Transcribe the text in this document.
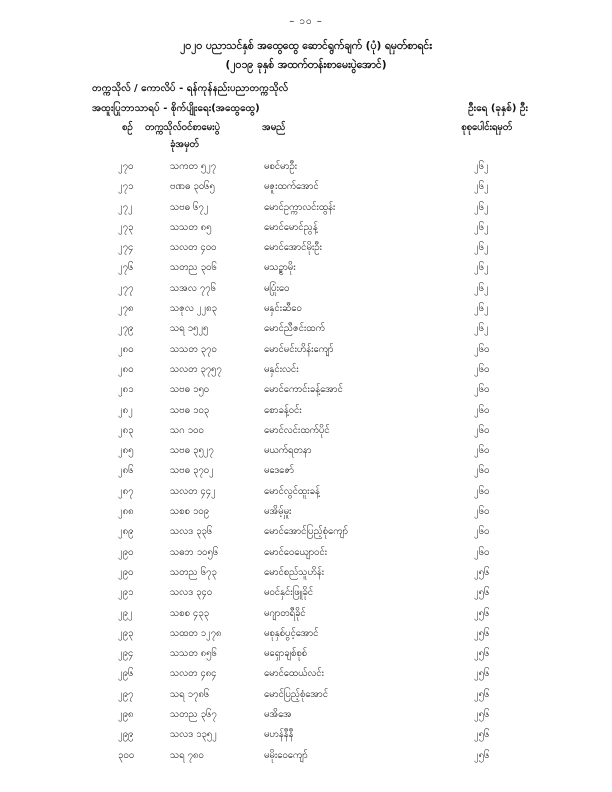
– ၁၀ –
၂၀၂၀ ပညာသင်နှစ် အထွေထွေ ဆောင်ရွက်ချက် (ပုံ) ရမှတ်စာရင်း
(၂၀၁၉ ခုနှစ် အထက်တန်းစာမေးပွဲအောင်)
တက္ကသိုလ် / ကောလိပ် - ရန်ကုန်နည်းပညာတက္ကသိုလ်
အထူးပြုဘာသာရပ် - စိုက်ပျိုးရေး(အထွေထွေ)	ဦးရေ (ခုနှစ်) ဦး
စဉ် တက္ကသိုလ်ဝင်စာမေးပွဲ
ခုံအမှတ်
အမည်	စုစုပေါင်းရမှတ်
၂၇၀	သကတ ၅၂၇	မစင်မာဦး	၂၆၂
၂၇၁	ဗဏဓ ၃၀၆၅	မဇူးထက်အောင်	၂၆၂
၂၇၂	သဗဓ ၆၇၂	မောင်ဥက္ကာလင်းထွန်း	၂၆၂
၂၇၃	သသတ ၈၅	မောင်မောင်ညွန့်	၂၆၂
၂၇၄	သလတ ၄၀၀	မောင်အောင်မိုးဦး	၂၆၂
၂၇၆	သတည ၃၀၆	မသဉ္စာမိုး	၂၆၂
၂၇၇	သအလ ၇၇၆	မပြုံးဝေ	၂၆၂
၂၇၈	သဇုလ ၂၂၈၃	မနှင်းဆီဝေ	၂၆၂
၂၇၉	သရ ၁၅၂၅	မောင်ညီဇင်းထက်	၂၆၂
၂၈၀	သသတ ၃၇၀	မောင်မင်းဟိန်းကျော်	၂၆၀
၂၈၀	သလတ ၃၇၅၇	မနှင်းလင်း	၂၆၀
၂၈၁	သဗဓ ၁၅၀	မောင်ကောင်းခန့်အောင်	၂၆၀
၂၈၂	သဗဓ ၁၀၃	စောခန့်ဝင်း	၂၆၀
၂၈၃	သဂ ၁၀၀	မောင်လင်းထက်ပိုင်	၂၆၀
၂၈၅	သဗဓ ၃၅၂၇	မယက်ရတနာ	၂၆၀
၂၈၆	သဗဓ ၃၇၀၂	မဒေဇော်	၂၆၀
၂၈၇	သလတ ၄၄၂	မောင်လွင်ထူးခန့်	၂၆၀
၂၈၈	သစစ ၁၀၉	မအိမ့်မှူး	၂၆၀
၂၈၉	သလဒ ၃၃၆	မောင်အောင်ပြည့်စုံကျော်	၂၆၀
၂၉၀	သဓဘ ၁၀၅၆	မောင်ဝေယျောဝင်း	၂၆၀
၂၉၀	သတည ၆၇၃	မောင်စည်သူဟိန်း	၂၅၆
၂၉၁	သလဒ ၃၄၀	မဝင်နှင်းဖြူခိုင်	၂၅၆
၂၉၂	သစစ ၄၃၃	မဂျာတရီခိုင်	၂၅၆
၂၉၃	သထတ ၁၂၇၈	မစုနှစ်ပွင့်အောင်	၂၅၆
၂၉၄	သသတ ၈၅၆	မရှောချစ်စုစ်	၂၅၆
၂၉၆	သလတ ၄၈၄	မောင်ထေယ်လင်း	၂၅၆
၂၉၇	သရ ၁၇၈၆	မောင်ပြည့်စုံအောင်	၂၅၆
၂၉၈	သတည ၃၆၇	မအိအေ	၂၅၆
၂၉၉	သလဒ ၁၃၅၂	မဟန်နီနီ	၂၅၆
၃၀၀	သရ ၇၈၀	မမိုးဝေကျော်	၂၅၆
